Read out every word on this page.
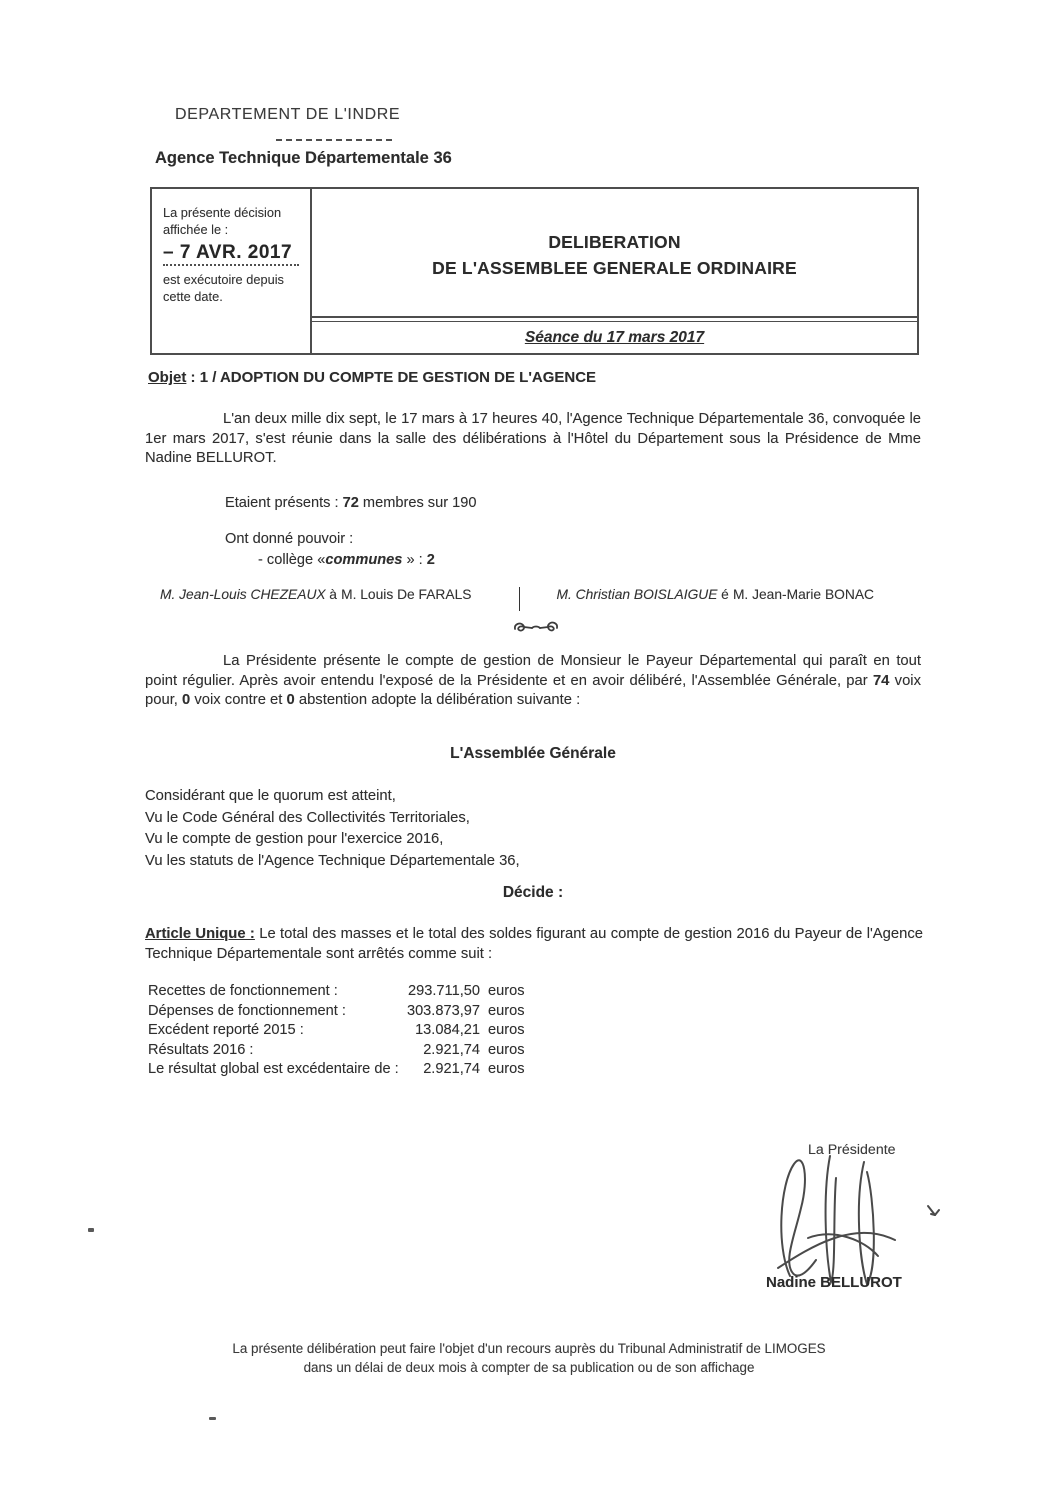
DEPARTEMENT DE L'INDRE
Agence Technique Départementale 36
La présente décision
affichée le :
– 7 AVR. 2017
est exécutoire depuis
cette date.
DELIBERATION
DE L'ASSEMBLEE GENERALE ORDINAIRE
Séance du 17 mars 2017
Objet : 1 / ADOPTION DU COMPTE DE GESTION DE L'AGENCE
L'an deux mille dix sept, le 17 mars à 17 heures 40, l'Agence Technique Départementale 36, convoquée le 1er mars 2017, s'est réunie dans la salle des délibérations à l'Hôtel du Département sous la Présidence de Mme Nadine BELLUROT.
Etaient présents : 72 membres sur 190
Ont donné pouvoir :
- collège «communes » : 2
M. Jean-Louis CHEZEAUX à M. Louis De FARALS	M. Christian BOISLAIGUE é M. Jean-Marie BONAC
La Présidente présente le compte de gestion de Monsieur le Payeur Départemental qui paraît en tout point régulier. Après avoir entendu l'exposé de la Présidente et en avoir délibéré, l'Assemblée Générale, par 74 voix pour, 0 voix contre et 0 abstention adopte la délibération suivante :
L'Assemblée Générale
Considérant que le quorum est atteint,
Vu le Code Général des Collectivités Territoriales,
Vu le compte de gestion pour l'exercice 2016,
Vu les statuts de l'Agence Technique Départementale 36,
Décide :
Article Unique : Le total des masses et le total des soldes figurant au compte de gestion 2016 du Payeur de l'Agence Technique Départementale sont arrêtés comme suit :
Recettes de fonctionnement :	293.711,50 euros
Dépenses de fonctionnement :	303.873,97 euros
Excédent reporté 2015 :	13.084,21 euros
Résultats 2016 :	2.921,74 euros
Le résultat global est excédentaire de :	2.921,74 euros
La Présidente
Nadine BELLUROT
La présente délibération peut faire l'objet d'un recours auprès du Tribunal Administratif de LIMOGES
dans un délai de deux mois à compter de sa publication ou de son affichage
